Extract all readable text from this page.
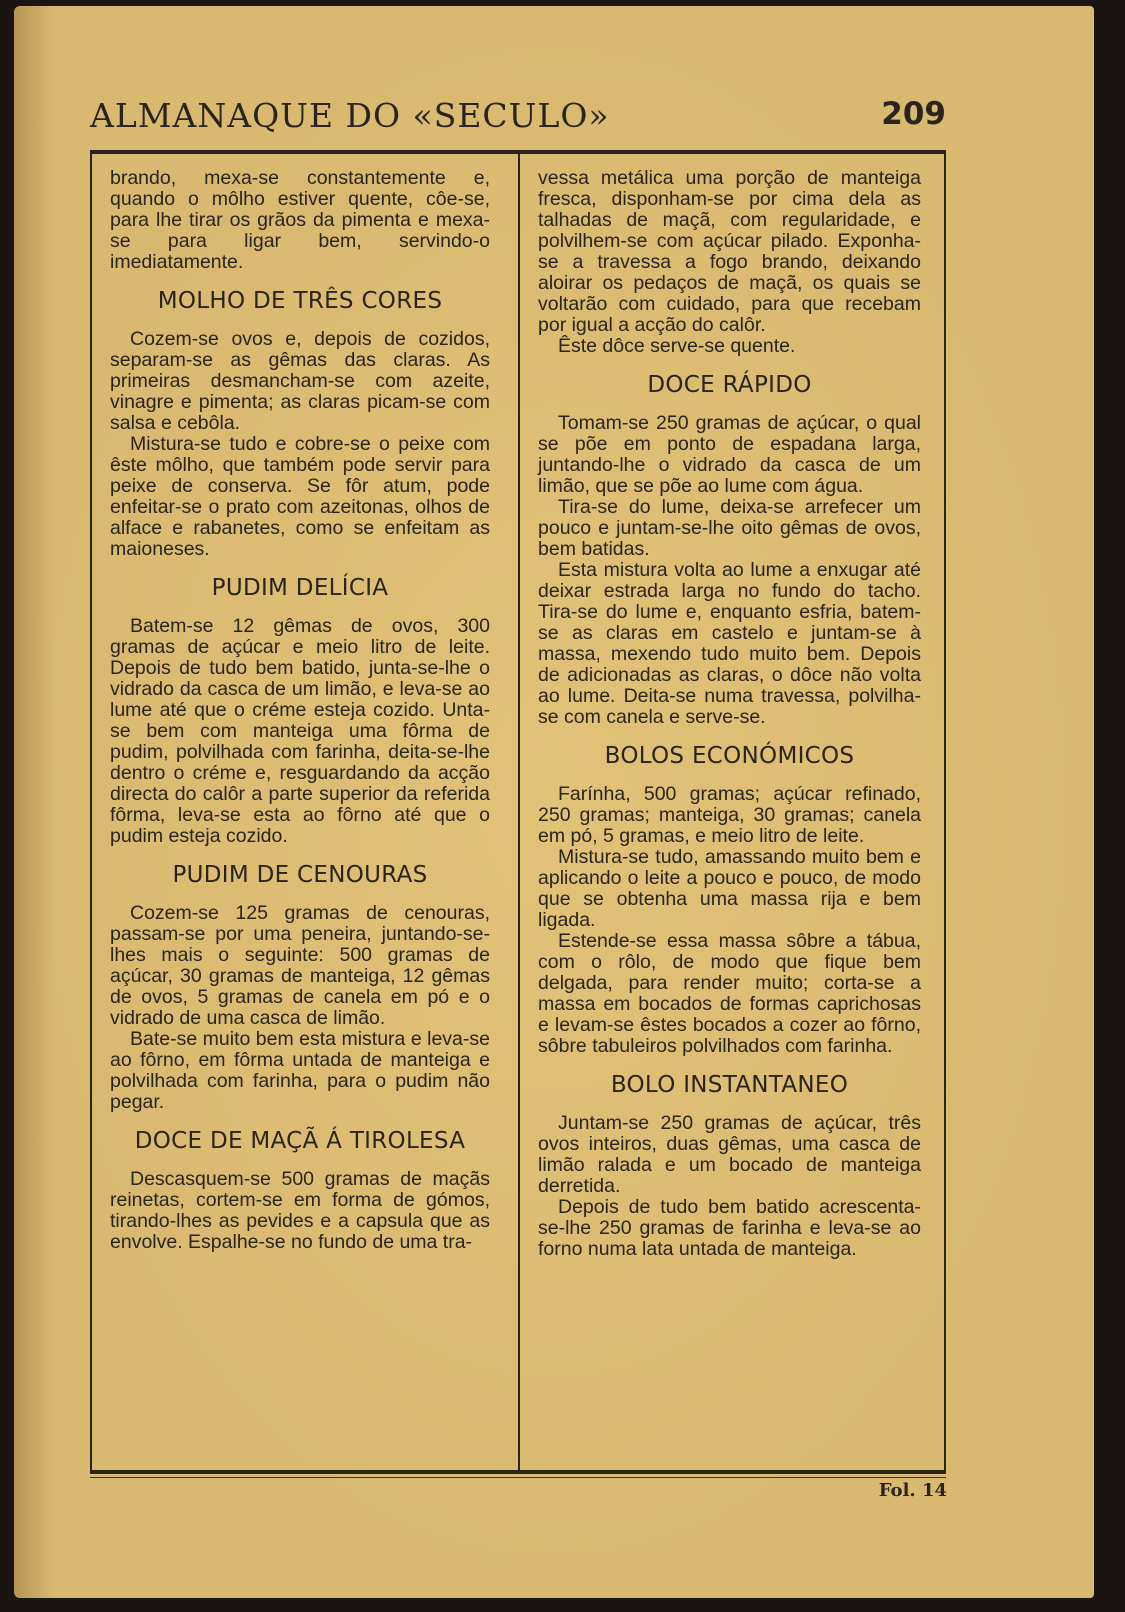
ALMANAQUE DO «SECULO»	209

brando, mexa-se constantemente e, quando o môlho estiver quente, côe-se, para lhe tirar os grãos da pimenta e mexa-se para ligar bem, servindo-o imediatamente.

MOLHO DE TRÊS CORES

Cozem-se ovos e, depois de cozidos, separam-se as gêmas das claras. As primeiras desmancham-se com azeite, vinagre e pimenta; as claras picam-se com salsa e cebôla.

Mistura-se tudo e cobre-se o peixe com êste môlho, que também pode servir para peixe de conserva. Se fôr atum, pode enfeitar-se o prato com azeitonas, olhos de alface e rabanetes, como se enfeitam as maioneses.

PUDIM DELÍCIA

Batem-se 12 gêmas de ovos, 300 gramas de açúcar e meio litro de leite. Depois de tudo bem batido, junta-se-lhe o vidrado da casca de um limão, e leva-se ao lume até que o créme esteja cozido. Unta-se bem com manteiga uma fôrma de pudim, polvilhada com farinha, deita-se-lhe dentro o créme e, resguardando da acção directa do calôr a parte superior da referida fôrma, leva-se esta ao fôrno até que o pudim esteja cozido.

PUDIM DE CENOURAS

Cozem-se 125 gramas de cenouras, passam-se por uma peneira, juntando-se-lhes mais o seguinte: 500 gramas de açúcar, 30 gramas de manteiga, 12 gêmas de ovos, 5 gramas de canela em pó e o vidrado de uma casca de limão.

Bate-se muito bem esta mistura e leva-se ao fôrno, em fôrma untada de manteiga e polvilhada com farinha, para o pudim não pegar.

DOCE DE MAÇÃ Á TIROLESA

Descasquem-se 500 gramas de maçãs reinetas, cortem-se em forma de gómos, tirando-lhes as pevides e a capsula que as envolve. Espalhe-se no fundo de uma tra-

vessa metálica uma porção de manteiga fresca, disponham-se por cima dela as talhadas de maçã, com regularidade, e polvilhem-se com açúcar pilado. Exponha-se a travessa a fogo brando, deixando aloirar os pedaços de maçã, os quais se voltarão com cuidado, para que recebam por igual a acção do calôr.

Êste dôce serve-se quente.

DOCE RÁPIDO

Tomam-se 250 gramas de açúcar, o qual se põe em ponto de espadana larga, juntando-lhe o vidrado da casca de um limão, que se põe ao lume com água.

Tira-se do lume, deixa-se arrefecer um pouco e juntam-se-lhe oito gêmas de ovos, bem batidas.

Esta mistura volta ao lume a enxugar até deixar estrada larga no fundo do tacho. Tira-se do lume e, enquanto esfria, batem-se as claras em castelo e juntam-se à massa, mexendo tudo muito bem. Depois de adicionadas as claras, o dôce não volta ao lume. Deita-se numa travessa, polvilha-se com canela e serve-se.

BOLOS ECONÓMICOS

Farínha, 500 gramas; açúcar refinado, 250 gramas; manteiga, 30 gramas; canela em pó, 5 gramas, e meio litro de leite.

Mistura-se tudo, amassando muito bem e aplicando o leite a pouco e pouco, de modo que se obtenha uma massa rija e bem ligada.

Estende-se essa massa sôbre a tábua, com o rôlo, de modo que fique bem delgada, para render muito; corta-se a massa em bocados de formas caprichosas e levam-se êstes bocados a cozer ao fôrno, sôbre tabuleiros polvilhados com farinha.

BOLO INSTANTANEO

Juntam-se 250 gramas de açúcar, três ovos inteiros, duas gêmas, uma casca de limão ralada e um bocado de manteiga derretida.

Depois de tudo bem batido acrescenta-se-lhe 250 gramas de farinha e leva-se ao forno numa lata untada de manteiga.

Fol. 14
